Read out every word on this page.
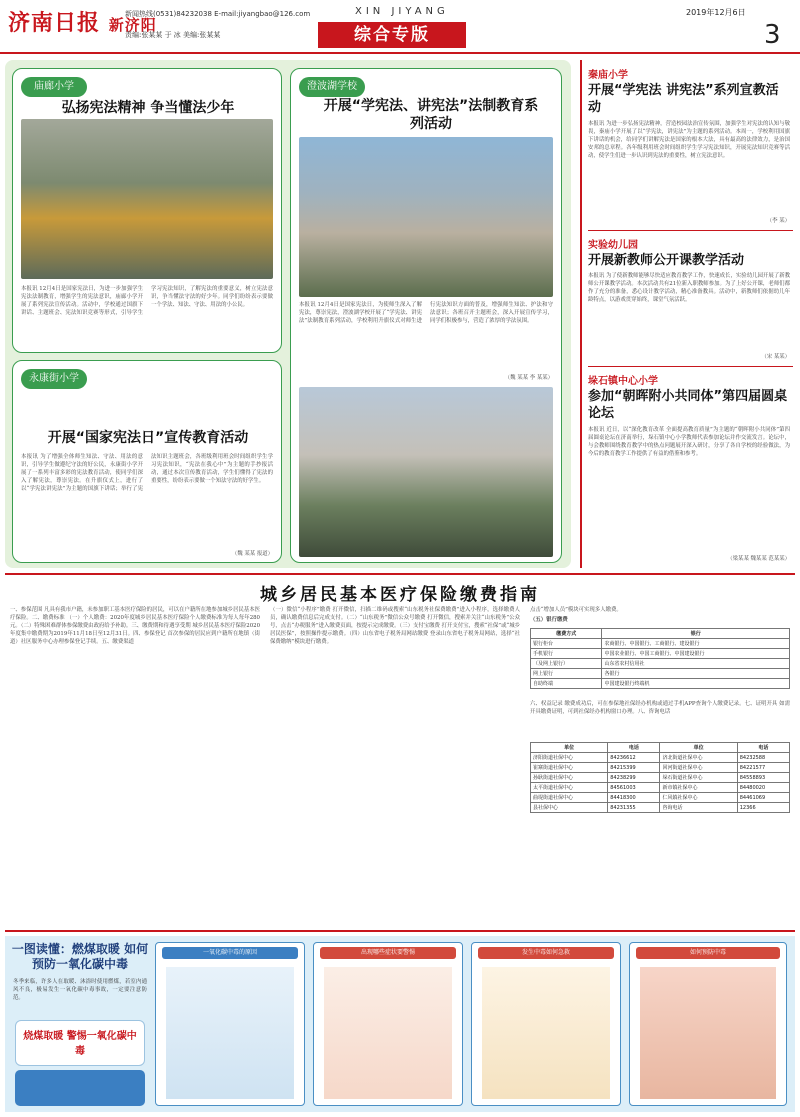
济南日报 新济阳
新闻热线(0531)84232038 E-mail:jiyangbao@126.com
责编:张某某 于 冰 美编:张某某
XIN JIYANG
综合专版
2019年12月6日
3
庙廊小学
弘扬宪法精神 争当懂法少年
本报讯 12月4日是国家宪法日，为进一步加强学生宪法法制教育，增强学生的宪法意识，庙廊小学开展了系列宪法宣传活动。活动中，学校通过国旗下讲话、主题班会、宪法知识竞赛等形式，引导学生学习宪法知识，了解宪法的重要意义，树立宪法意识，争当懂法守法的好少年。同学们纷纷表示要做一个学法、知法、守法、用法的小公民。
澄波湖学校
开展“学宪法、讲宪法”法制教育系列活动
本报讯 12月4日是国家宪法日，为使师生深入了解宪法，尊崇宪法，澄波湖学校开展了“学宪法、讲宪法”法制教育系列活动，学校利用升旗仪式对师生进行宪法知识方面的普及，增强师生知法、护法和守法意识；各班召开主题班会，深入开展宣传学习，同学们积极参与，营造了浓厚的学法氛围。
（魏 某某 李 某某）
永康街小学
开展“国家宪法日”宣传教育活动
本报讯 为了增强全体师生知法、守法、用法的意识，引导学生做遵纪守法的好公民，永康街小学开展了一系列丰富多彩的宪法教育活动，使同学们深入了解宪法，尊崇宪法。在升旗仪式上，进行了以“学宪法讲宪法”为主题的国旗下讲话；举行了宪法知识主题班会，各班级利用班会时间组织学生学习宪法知识，“宪法在我心中”为主题的手抄报活动，通过本次宣传教育活动，学生们懂得了宪法的重要性，纷纷表示要做一个知法守法的好学生。
（魏 某某 报道）
秦庙小学
开展“学宪法 讲宪法”系列宣教活动
本报讯 为进一步弘扬宪法精神，营造校园法治宣传氛围，加强学生对宪法的认知与敬畏，秦庙小学开展了以“学宪法，讲宪法”为主题的系列活动。本周一，学校利用国旗下讲话的机会，给同学们讲解宪法是国家的根本大法，具有最高的法律效力，是治国安邦的总章程。各年级利用班会时间组织学生学习宪法知识，开展宪法知识竞赛等活动，使学生们进一步认识到宪法的重要性，树立宪法意识。
（李 某）
实验幼儿园
开展新教师公开课教学活动
本报讯 为了使新教师能够尽快适应教育教学工作，快速成长，实验幼儿园开展了新教师公开课教学活动。本次活动共有21位新入职教师参加。为了上好公开课，老师们都作了充分的准备，悉心设计教学活动，精心准备教具。活动中，新教师们依据幼儿年龄特点，以游戏贯穿始终，课堂气氛活跃。
（宋 某某）
垛石镇中心小学
参加“朝晖附小共同体”第四届圆桌论坛
本报讯 近日，以“深化教育改革 全面提高教育质量”为主题的“朝晖附小共同体”第四届圆桌论坛在济南举行，垛石镇中心小学教师代表参加论坛并作交流发言。论坛中，与会教师围绕教育教学中的热点问题展开深入研讨，分享了各自学校的经验做法，为今后的教育教学工作提供了有益的借鉴和参考。
（梁某某 魏某某 范某某）
城乡居民基本医疗保险缴费指南
一、参保范围 凡具有我市户籍，未参加职工基本医疗保险的居民，可以在户籍所在地参加城乡居民基本医疗保险。二、缴费标准 （一）个人缴费：2020年度城乡居民基本医疗保险个人缴费标准为每人每年280元。（二）特殊困难群体参保缴费由政府给予补助。三、缴费期和待遇享受期 城乡居民基本医疗保险2020年度集中缴费期为2019年11月18日至12月31日。四、参保登记 首次参保的居民应到户籍所在地镇（街道）社区服务中心办理参保登记手续。五、缴费渠道
（一）微信“小程序”缴费 打开微信，扫描二维码或搜索“山东税务社保费缴费”进入小程序，选择缴费人员，确认缴费信息后完成支付。（二）“山东税务”微信公众号缴费 打开微信，搜索并关注“山东税务”公众号，点击“办税服务”进入缴费页面，按提示完成缴费。（三）支付宝缴费 打开支付宝，搜索“社保”或“城乡居民医保”，按照操作提示缴费。（四）山东省电子税务局网站缴费 登录山东省电子税务局网站，选择“社保费缴纳”模块进行缴费。
点击“增加人员”模块可实现多人缴费。
（五）银行缴费
缴费方式	银行
银行柜台	农商银行、中国银行、工商银行、建设银行
手机银行	中国农业银行、中国工商银行、中国建设银行
（及网上银行）	山东省农村信用社
网上银行	各银行
自助终端	中国建设银行终端机
六、权益记录 缴费成功后，可在参保地社保经办机构或通过手机APP查询个人缴费记录。七、证明开具 如需开具缴费证明，可到社保经办机构窗口办理。八、咨询电话
单位	电话	单位	电话
济阳街道社保中心	84236612	济北街道社保中心	84232588
崔寨街道社保中心	84215399	回河街道社保中心	84221577
孙耿街道社保中心	84238299	垛石街道社保中心	84558893
太平街道社保中心	84561003	新市镇社保中心	84480020
曲堤街道社保中心	84418300	仁风镇社保中心	84461069
县社保中心	84231355	咨询电话	12366
一图读懂：燃煤取暖 如何预防一氧化碳中毒
冬季来临，许多人在取暖、沐浴时使用燃煤，若室内通风不良，极易发生一氧化碳中毒事故，一定要注意防范。
烧煤取暖 警惕一氧化碳中毒
一氧化碳中毒的原因	出现哪些症状要警惕	发生中毒如何急救	如何预防中毒
